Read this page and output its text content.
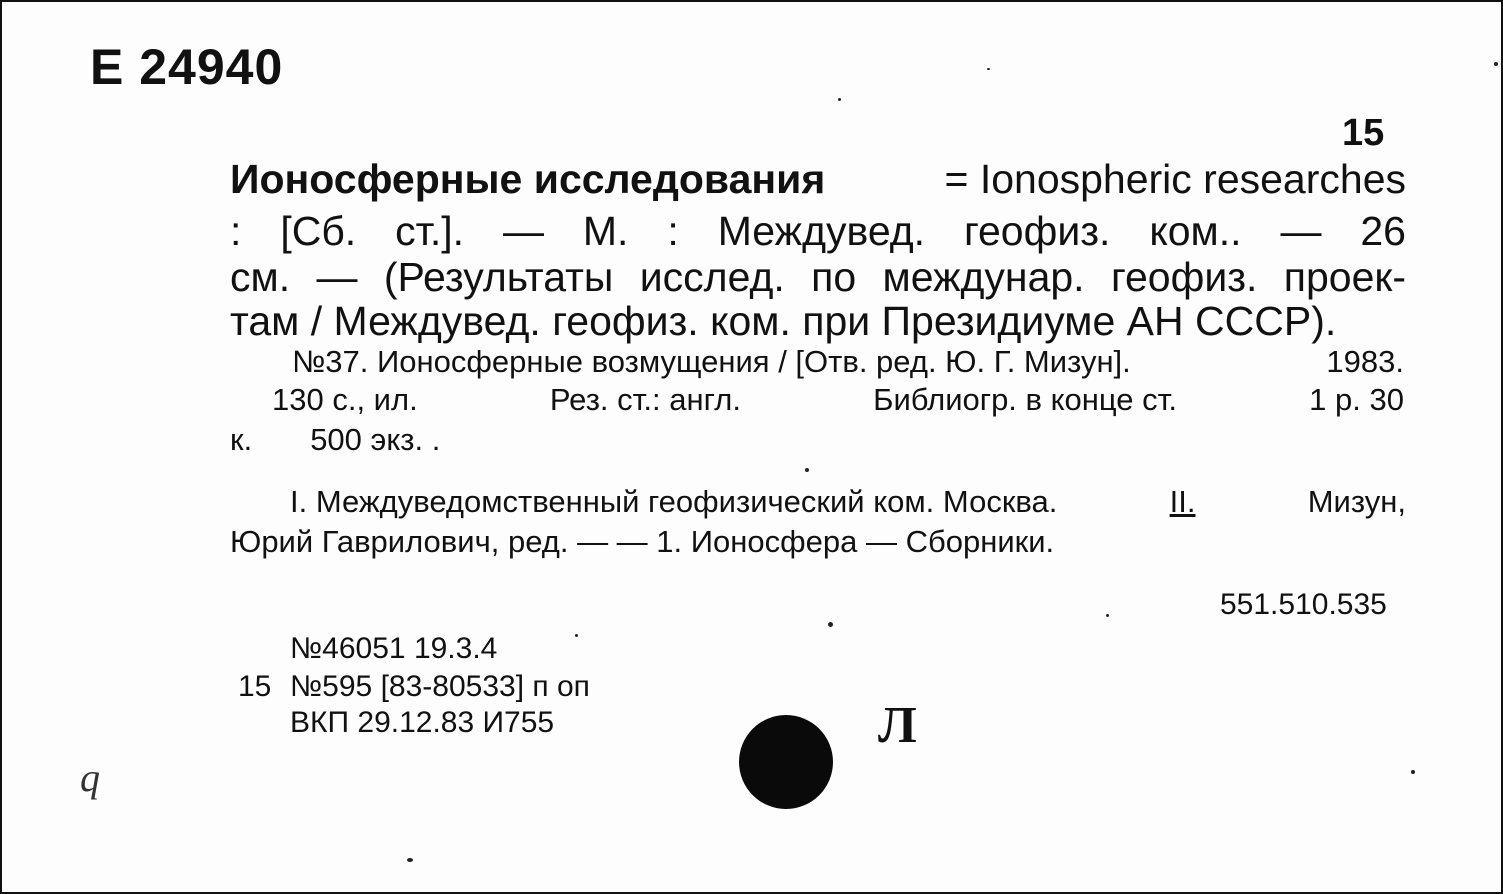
Е 24940
15
Ионосферные исследования	= Ionospheric researches
: [Сб. ст.]. — М. : Междувед. геофиз. ком.. — 26
см. — (Результаты исслед. по междунар. геофиз. проек-
там / Междувед. геофиз. ком. при Президиуме АН СССР).
№37. Ионосферные возмущения / [Отв. ред. Ю. Г. Мизун].	1983.
130 с., ил.	Рез. ст.: англ.	Библиогр. в конце ст.	1 р. 30
к. 500 экз. .
I. Междуведомственный геофизический ком. Москва.	II.	Мизун,
Юрий Гаврилович, ред. — — 1. Ионосфера — Сборники.
551.510.535
№46051 19.3.4
15 №595 [83-80533] п оп
ВКП 29.12.83 И755	Л
q
